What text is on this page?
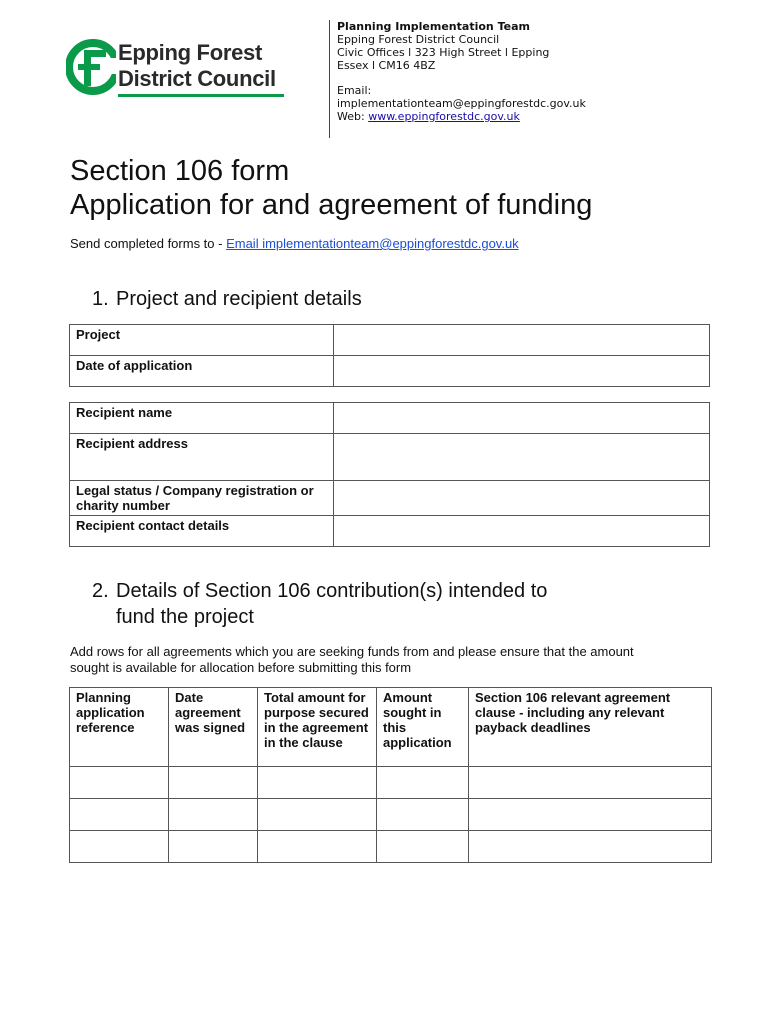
Epping Forest
District Council
Planning Implementation Team
Epping Forest District Council
Civic Offices l 323 High Street l Epping
Essex l CM16 4BZ
Email:
implementationteam@eppingforestdc.gov.uk
Web: www.eppingforestdc.gov.uk
Section 106 form
Application for and agreement of funding
Send completed forms to - Email implementationteam@eppingforestdc.gov.uk
1. Project and recipient details
Project	
Date of application	
Recipient name	
Recipient address	
Legal status / Company registration or charity number	
Recipient contact details	
2. Details of Section 106 contribution(s) intended to
fund the project
Add rows for all agreements which you are seeking funds from and please ensure that the amount sought is available for allocation before submitting this form
Planning application reference	Date agreement was signed	Total amount for purpose secured in the agreement in the clause	Amount sought in this application	Section 106 relevant agreement clause - including any relevant payback deadlines
